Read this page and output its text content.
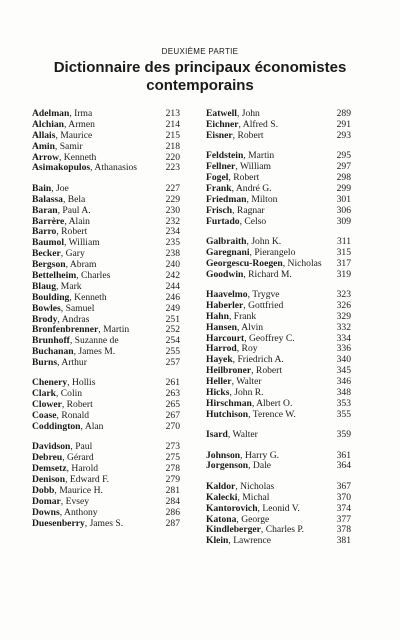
DEUXIÈME PARTIE
Dictionnaire des principaux économistes
contemporains
Adelman, Irma	213
Alchian, Armen	214
Allais, Maurice	215
Amin, Samir	218
Arrow, Kenneth	220
Asimakopulos, Athanasios	223
Bain, Joe	227
Balassa, Bela	229
Baran, Paul A.	230
Barrère, Alain	232
Barro, Robert	234
Baumol, William	235
Becker, Gary	238
Bergson, Abram	240
Bettelheim, Charles	242
Blaug, Mark	244
Boulding, Kenneth	246
Bowles, Samuel	249
Brody, Andras	251
Bronfenbrenner, Martin	252
Brunhoff, Suzanne de	254
Buchanan, James M.	255
Burns, Arthur	257
Chenery, Hollis	261
Clark, Colin	263
Clower, Robert	265
Coase, Ronald	267
Coddington, Alan	270
Davidson, Paul	273
Debreu, Gérard	275
Demsetz, Harold	278
Denison, Edward F.	279
Dobb, Maurice H.	281
Domar, Evsey	284
Downs, Anthony	286
Duesenberry, James S.	287
Eatwell, John	289
Eichner, Alfred S.	291
Eisner, Robert	293
Feldstein, Martin	295
Fellner, William	297
Fogel, Robert	298
Frank, André G.	299
Friedman, Milton	301
Frisch, Ragnar	306
Furtado, Celso	309
Galbraith, John K.	311
Garegnani, Pierangelo	315
Georgescu-Roegen, Nicholas 317
Goodwin, Richard M.	319
Haavelmo, Trygve	323
Haberler, Gottfried	326
Hahn, Frank	329
Hansen, Alvin	332
Harcourt, Geoffrey C.	334
Harrod, Roy	336
Hayek, Friedrich A.	340
Heilbroner, Robert	345
Heller, Walter	346
Hicks, John R.	348
Hirschman, Albert O.	353
Hutchison, Terence W.	355
Isard, Walter	359
Johnson, Harry G.	361
Jorgenson, Dale	364
Kaldor, Nicholas	367
Kalecki, Michal	370
Kantorovich, Leonid V.	374
Katona, George	377
Kindleberger, Charles P.	378
Klein, Lawrence	381
